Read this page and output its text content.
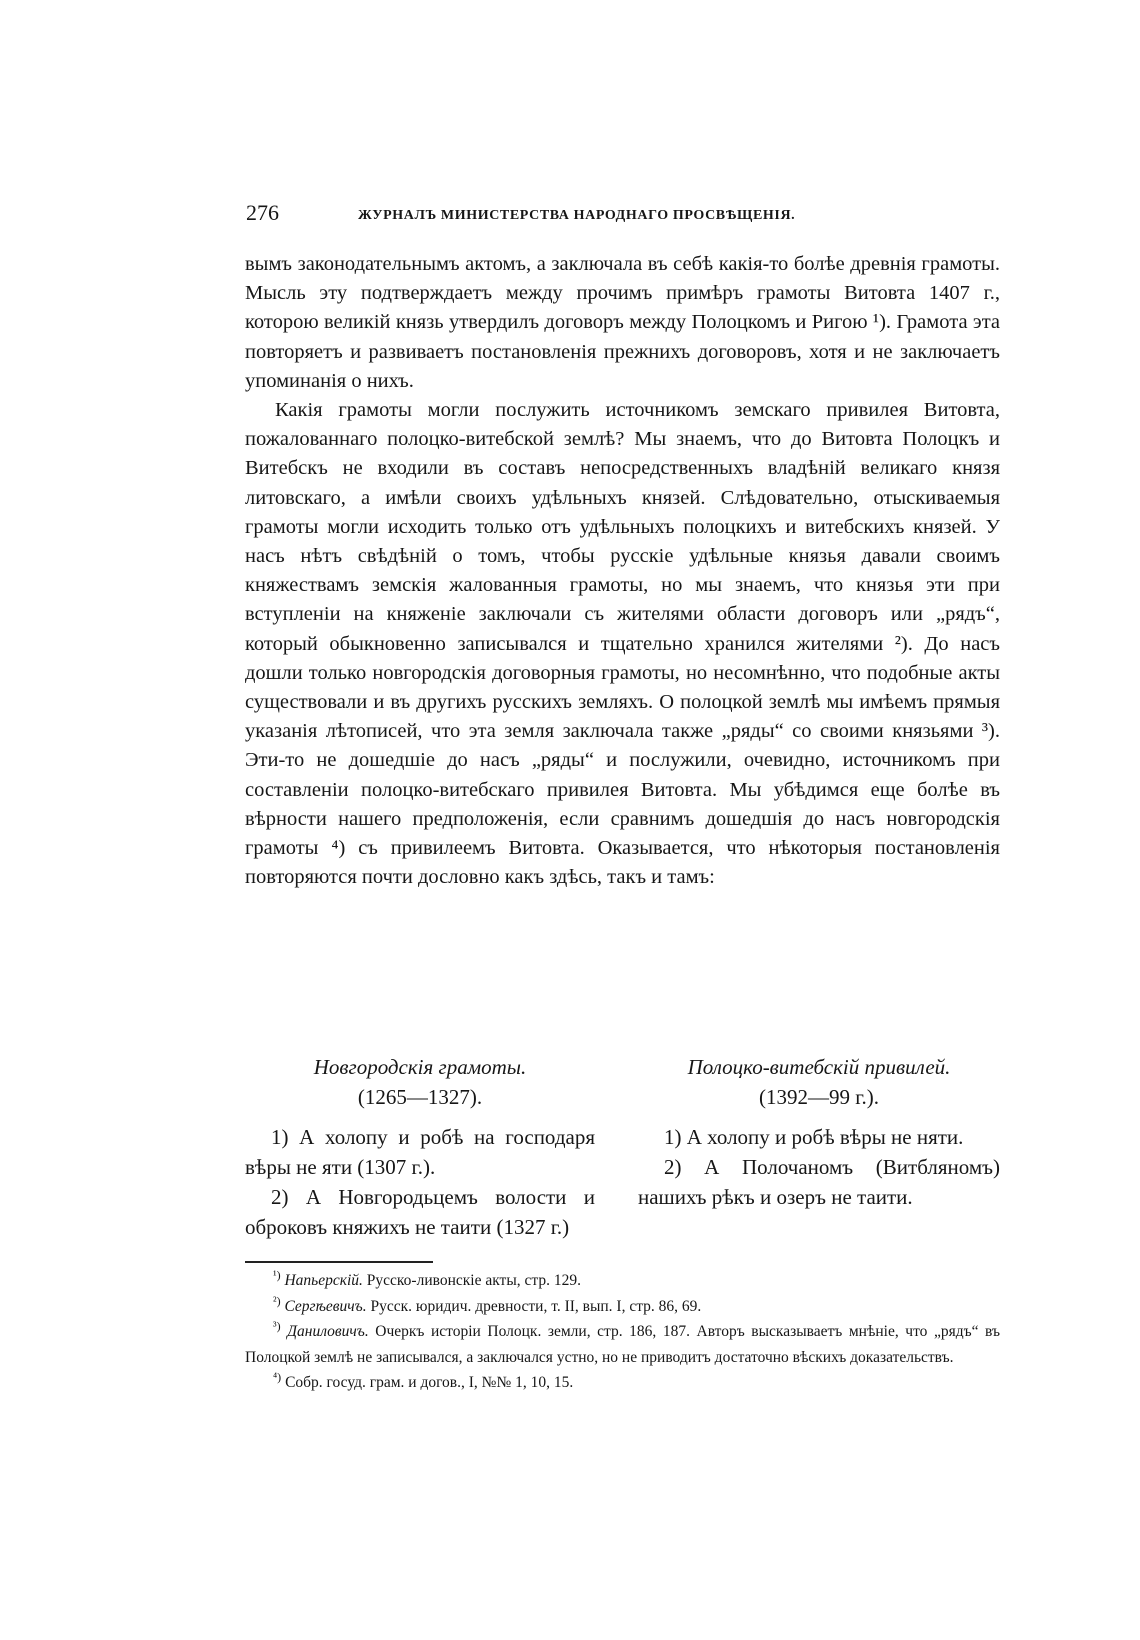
276	ЖУРНАЛЪ МИНИСТЕРСТВА НАРОДНАГО ПРОСВѢЩЕНІЯ.

вымъ законодательнымъ актомъ, а заключала въ себѣ какія-то болѣе древнія грамоты. Мысль эту подтверждаетъ между прочимъ примѣръ грамоты Витовта 1407 г., которою великій князь утвердилъ договоръ между Полоцкомъ и Ригою ¹). Грамота эта повторяетъ и развиваетъ постановленія прежнихъ договоровъ, хотя и не заключаетъ упоминанія о нихъ.

Какія грамоты могли послужить источникомъ земскаго привилея Витовта, пожалованнаго полоцко-витебской землѣ? Мы знаемъ, что до Витовта Полоцкъ и Витебскъ не входили въ составъ непосредственныхъ владѣній великаго князя литовскаго, а имѣли своихъ удѣльныхъ князей. Слѣдовательно, отыскиваемыя грамоты могли исходить только отъ удѣльныхъ полоцкихъ и витебскихъ князей. У насъ нѣтъ свѣдѣній о томъ, чтобы русскіе удѣльные князья давали своимъ княжествамъ земскія жалованныя грамоты, но мы знаемъ, что князья эти при вступленіи на княженіе заключали съ жителями области договоръ или „рядъ“, который обыкновенно записывался и тщательно хранился жителями ²). До насъ дошли только новгородскія договорныя грамоты, но несомнѣнно, что подобные акты существовали и въ другихъ русскихъ земляхъ. О полоцкой землѣ мы имѣемъ прямыя указанія лѣтописей, что эта земля заключала также „ряды“ со своими князьями ³). Эти-то не дошедшіе до насъ „ряды“ и послужили, очевидно, источникомъ при составленіи полоцко-витебскаго привилея Витовта. Мы убѣдимся еще болѣе въ вѣрности нашего предположенія, если сравнимъ дошедшія до насъ новгородскія грамоты ⁴) съ привилеемъ Витовта. Оказывается, что нѣкоторыя постановленія повторяются почти дословно какъ здѣсь, такъ и тамъ:

Новгородскія грамоты.

(1265—1327).

1) А холопу и робѣ на господаря вѣры не яти (1307 г.).

2) А Новгородьцемъ волости и оброковъ княжихъ не таити (1327 г.)

Полоцко-витебскій привилей.

(1392—99 г.).

1) А холопу и робѣ вѣры не няти.

2) А Полочаномъ (Витбляномъ) нашихъ рѣкъ и озеръ не таити.

$^{^1)}$ Напьерскій. Русско-ливонскіе акты, стр. 129.

$^{^2)}$ Сергѣевичъ. Русск. юридич. древности, т. II, вып. I, стр. 86, 69.

$^{^3)}$ Даниловичъ. Очеркъ исторіи Полоцк. земли, стр. 186, 187. Авторъ высказываетъ мнѣніе, что „рядъ“ въ Полоцкой землѣ не записывался, а заключался устно, но не приводитъ достаточно вѣскихъ доказательствъ.

$^{^4)}$ Собр. госуд. грам. и догов., I, №№ 1, 10, 15.
